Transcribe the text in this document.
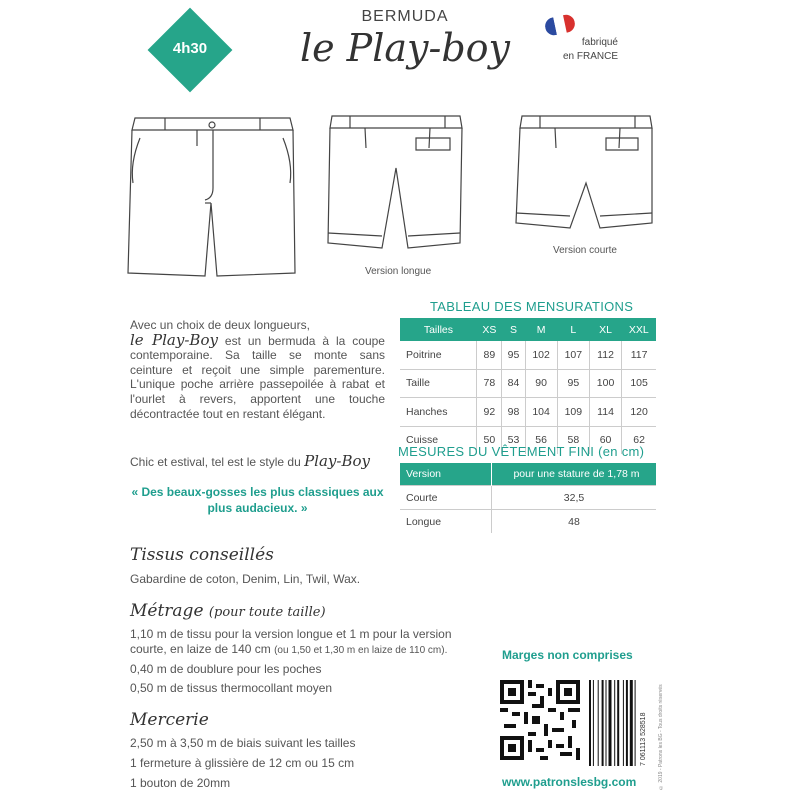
4h30
BERMUDA
le Play-boy	fabriqué
en FRANCE
Version longue
Version courte
Avec un choix de deux longueurs,
le Play-Boy est un bermuda à la coupe contemporaine. Sa taille se monte sans ceinture et reçoit une simple parementure. L'unique poche arrière passepoilée à rabat et l'ourlet à revers, apportent une touche décontractée tout en restant élégant.
Chic et estival, tel est le style du Play-Boy
« Des beaux-gosses les plus classiques aux plus audacieux. »
TABLEAU DES MENSURATIONS
Tailles	XS	S	M	L	XL	XXL
Poitrine	89	95	102	107	112	117
Taille	78	84	90	95	100	105
Hanches	92	98	104	109	114	120
Cuisse	50	53	56	58	60	62
MESURES DU VÊTEMENT FINI (en cm)
Version	pour une stature de 1,78 m
Courte	32,5
Longue	48
Tissus conseillés
Gabardine de coton, Denim, Lin, Twil, Wax.
Métrage (pour toute taille)
1,10 m de tissu pour la version longue et 1 m pour la version
courte, en laize de 140 cm (ou 1,50 et 1,30 m en laize de 110 cm).
0,40 m de doublure pour les poches
0,50 m de tissus thermocollant moyen
Mercerie
2,50 m à 3,50 m de biais suivant les tailles
1 fermeture à glissière de 12 cm ou 15 cm
1 bouton de 20mm
Marges non comprises
7 061113 528518	© 2019 - Patrons les BG - Tous droits réservés
www.patronslesbg.com
